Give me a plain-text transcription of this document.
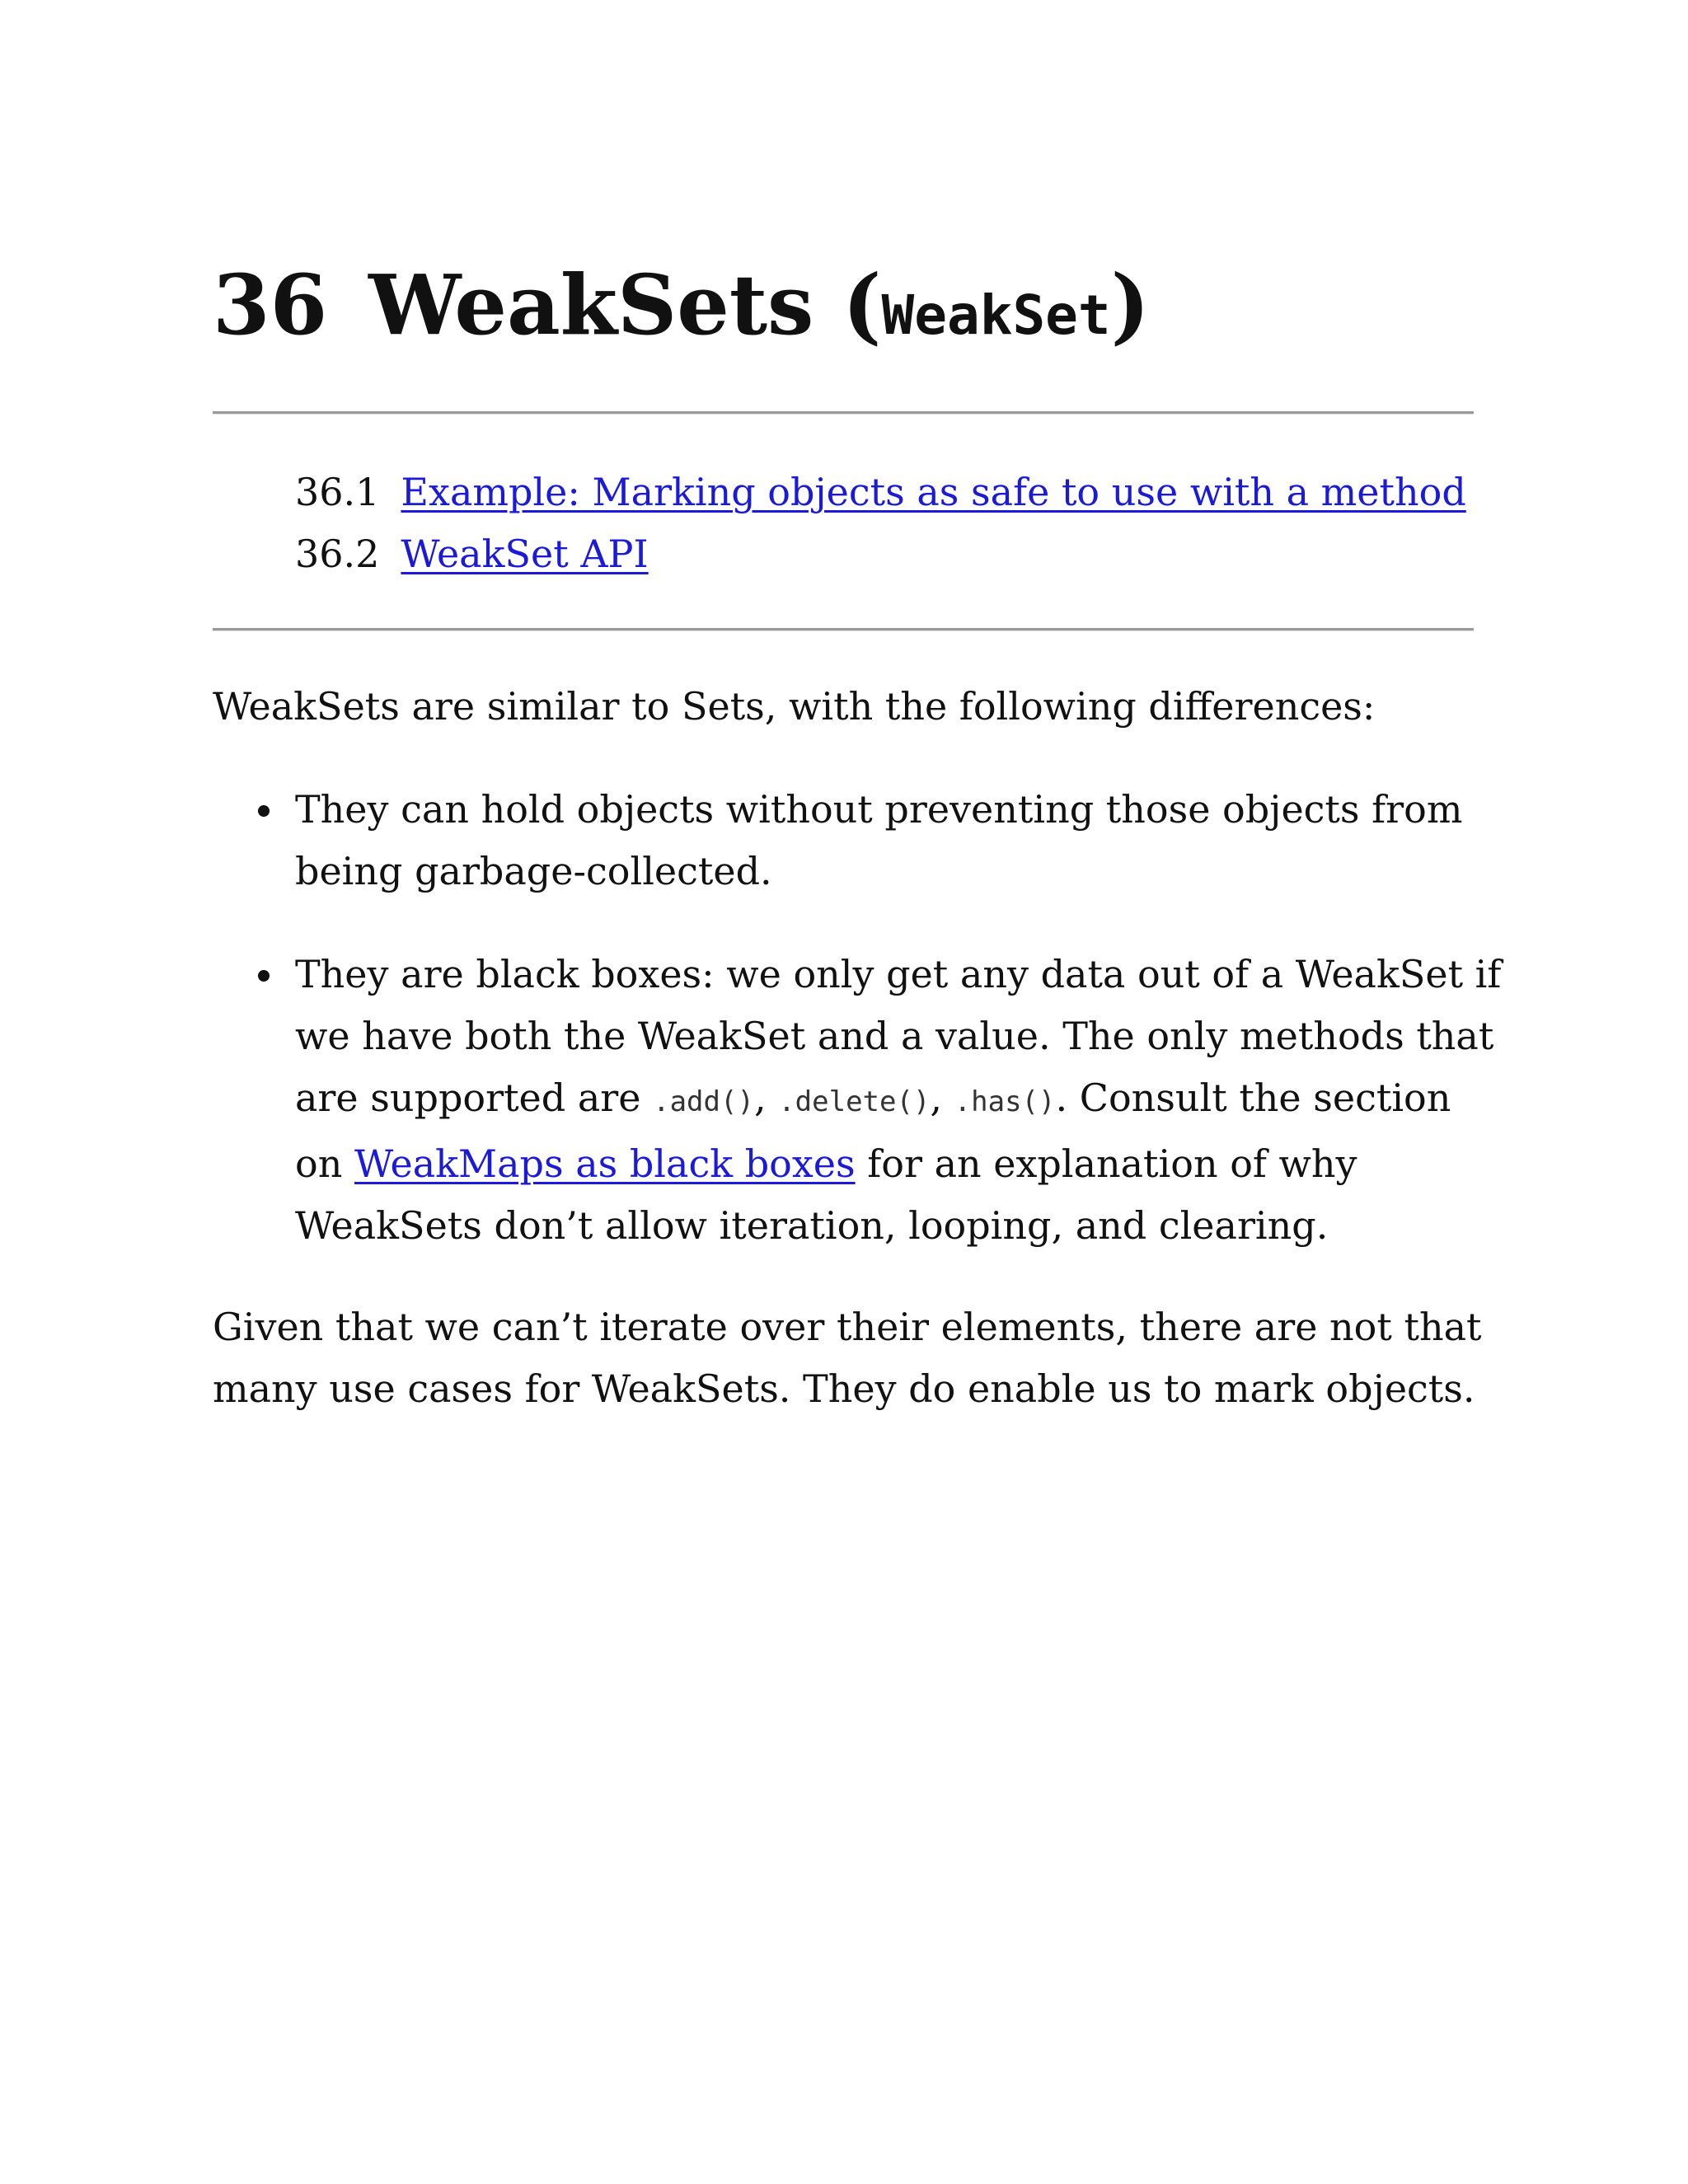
36 WeakSets (WeakSet)
36.1 Example: Marking objects as safe to use with a method
36.2 WeakSet API

WeakSets are similar to Sets, with the following differences:

They can hold objects without preventing those objects from
being garbage-collected.
They are black boxes: we only get any data out of a WeakSet if
we have both the WeakSet and a value. The only methods that
are supported are .add(), .delete(), .has(). Consult the section
on WeakMaps as black boxes for an explanation of why
WeakSets don’t allow iteration, looping, and clearing.

Given that we can’t iterate over their elements, there are not that
many use cases for WeakSets. They do enable us to mark objects.
